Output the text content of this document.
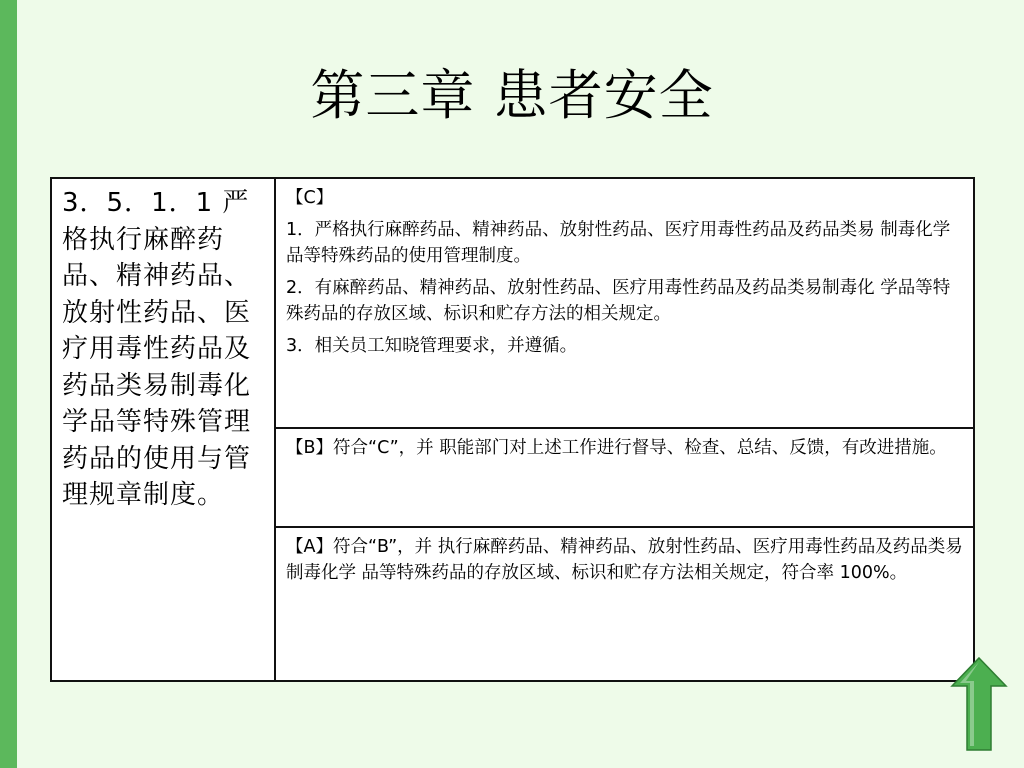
第三章 患者安全
3．5．1．1 严格执行麻醉药品、精神药品、放射性药品、医疗用毒性药品及药品类易制毒化学品等特殊管理药品的使用与管理规章制度。	

【C】

1．严格执行麻醉药品、精神药品、放射性药品、医疗用毒性药品及药品类易 制毒化学品等特殊药品的使用管理制度。

2．有麻醉药品、精神药品、放射性药品、医疗用毒性药品及药品类易制毒化 学品等特殊药品的存放区域、标识和贮存方法的相关规定。

3．相关员工知晓管理要求，并遵循。

【B】符合“C”，并 职能部门对上述工作进行督导、检查、总结、反馈，有改进措施。
【A】符合“B”，并 执行麻醉药品、精神药品、放射性药品、医疗用毒性药品及药品类易制毒化学 品等特殊药品的存放区域、标识和贮存方法相关规定，符合率 100%。
